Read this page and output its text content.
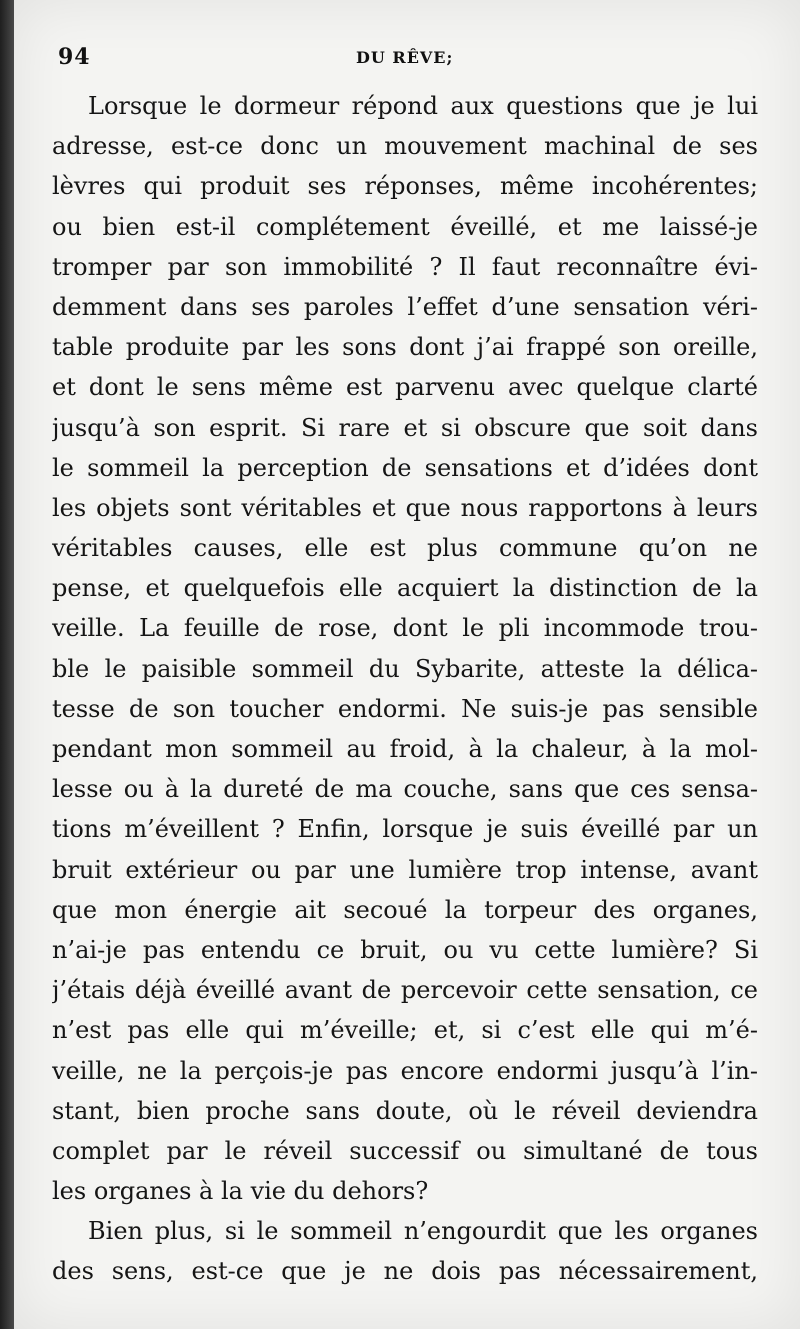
94	DU RÊVE;
Lorsque le dormeur répond aux questions que je lui
adresse, est-ce donc un mouvement machinal de ses
lèvres qui produit ses réponses, même incohérentes;
ou bien est-il complétement éveillé, et me laissé-je
tromper par son immobilité ? Il faut reconnaître évi-
demment dans ses paroles l’effet d’une sensation véri-
table produite par les sons dont j’ai frappé son oreille,
et dont le sens même est parvenu avec quelque clarté
jusqu’à son esprit. Si rare et si obscure que soit dans
le sommeil la perception de sensations et d’idées dont
les objets sont véritables et que nous rapportons à leurs
véritables causes, elle est plus commune qu’on ne
pense, et quelquefois elle acquiert la distinction de la
veille. La feuille de rose, dont le pli incommode trou-
ble le paisible sommeil du Sybarite, atteste la délica-
tesse de son toucher endormi. Ne suis-je pas sensible
pendant mon sommeil au froid, à la chaleur, à la mol-
lesse ou à la dureté de ma couche, sans que ces sensa-
tions m’éveillent ? Enfin, lorsque je suis éveillé par un
bruit extérieur ou par une lumière trop intense, avant
que mon énergie ait secoué la torpeur des organes,
n’ai-je pas entendu ce bruit, ou vu cette lumière? Si
j’étais déjà éveillé avant de percevoir cette sensation, ce
n’est pas elle qui m’éveille; et, si c’est elle qui m’é-
veille, ne la perçois-je pas encore endormi jusqu’à l’in-
stant, bien proche sans doute, où le réveil deviendra
complet par le réveil successif ou simultané de tous
les organes à la vie du dehors?
Bien plus, si le sommeil n’engourdit que les organes
des sens, est-ce que je ne dois pas nécessairement,
